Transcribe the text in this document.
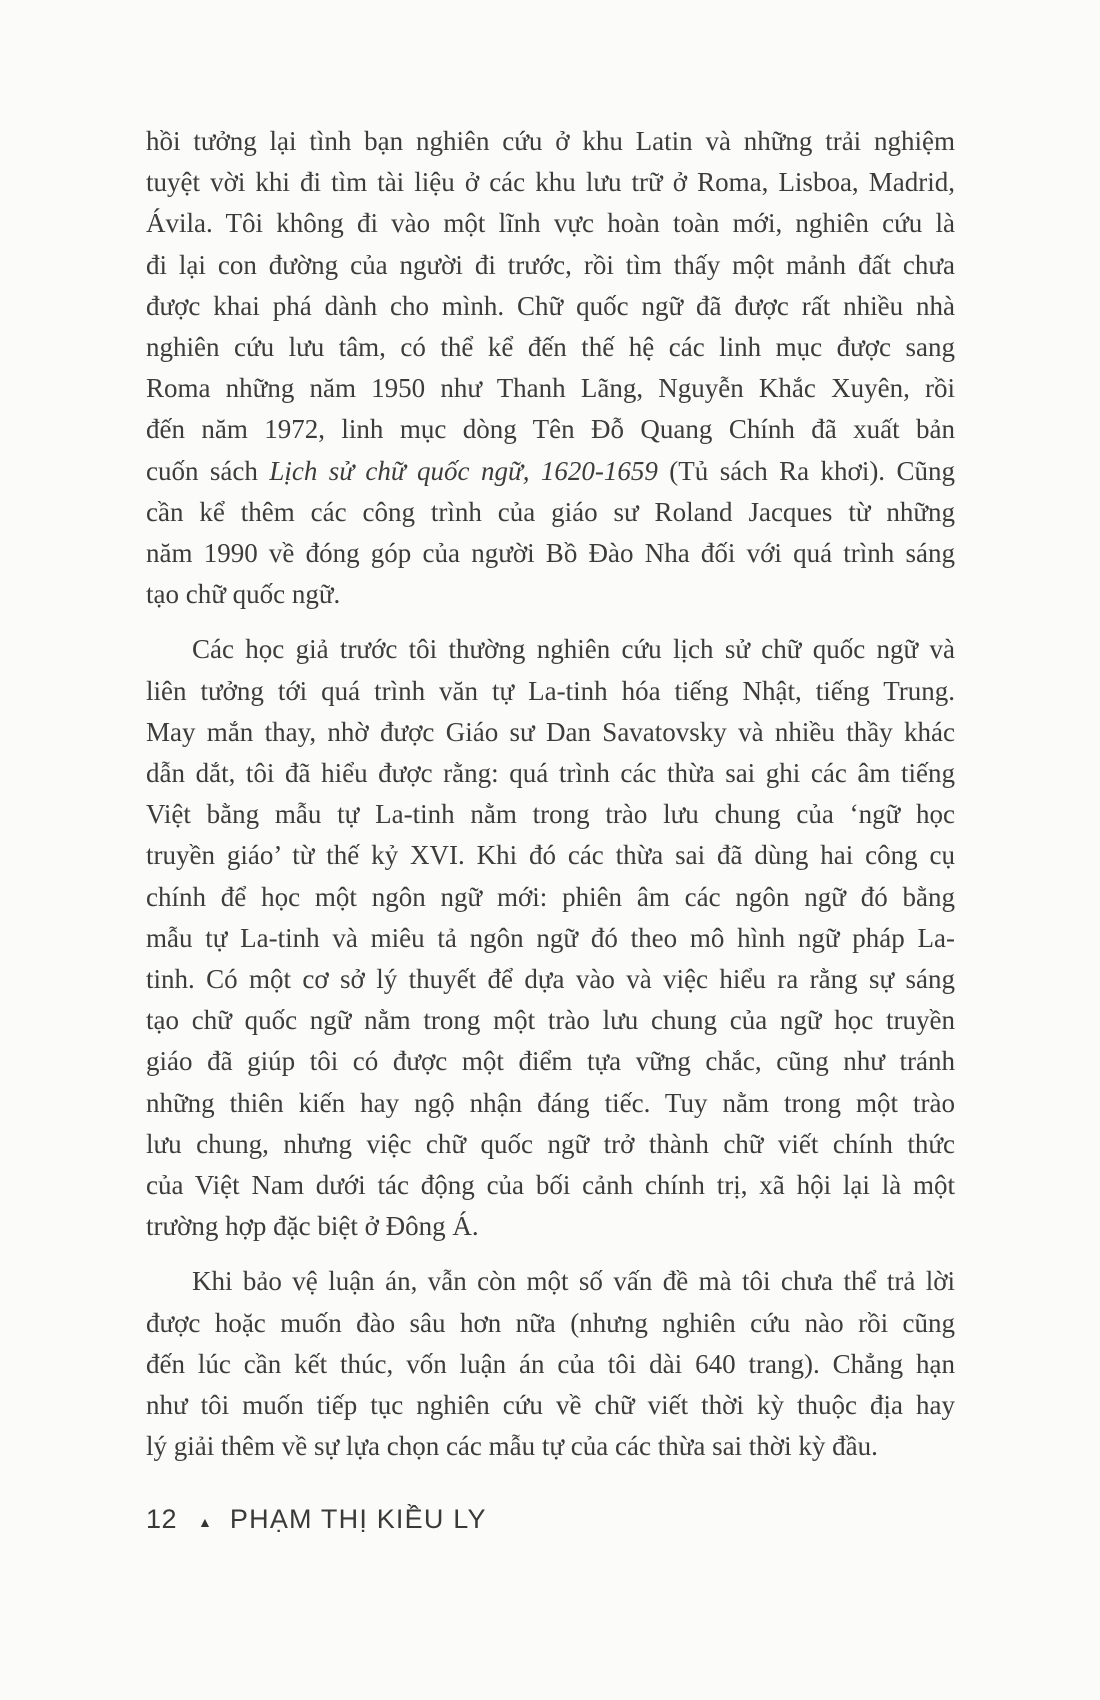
hồi tưởng lại tình bạn nghiên cứu ở khu Latin và những trải nghiệm
tuyệt vời khi đi tìm tài liệu ở các khu lưu trữ ở Roma, Lisboa, Madrid,
Ávila. Tôi không đi vào một lĩnh vực hoàn toàn mới, nghiên cứu là
đi lại con đường của người đi trước, rồi tìm thấy một mảnh đất chưa
được khai phá dành cho mình. Chữ quốc ngữ đã được rất nhiều nhà
nghiên cứu lưu tâm, có thể kể đến thế hệ các linh mục được sang
Roma những năm 1950 như Thanh Lãng, Nguyễn Khắc Xuyên, rồi
đến năm 1972, linh mục dòng Tên Đỗ Quang Chính đã xuất bản
cuốn sách Lịch sử chữ quốc ngữ, 1620-1659 (Tủ sách Ra khơi). Cũng
cần kể thêm các công trình của giáo sư Roland Jacques từ những
năm 1990 về đóng góp của người Bồ Đào Nha đối với quá trình sáng
tạo chữ quốc ngữ.
Các học giả trước tôi thường nghiên cứu lịch sử chữ quốc ngữ và
liên tưởng tới quá trình văn tự La-tinh hóa tiếng Nhật, tiếng Trung.
May mắn thay, nhờ được Giáo sư Dan Savatovsky và nhiều thầy khác
dẫn dắt, tôi đã hiểu được rằng: quá trình các thừa sai ghi các âm tiếng
Việt bằng mẫu tự La-tinh nằm trong trào lưu chung của ‘ngữ học
truyền giáo’ từ thế kỷ XVI. Khi đó các thừa sai đã dùng hai công cụ
chính để học một ngôn ngữ mới: phiên âm các ngôn ngữ đó bằng
mẫu tự La-tinh và miêu tả ngôn ngữ đó theo mô hình ngữ pháp La-
tinh. Có một cơ sở lý thuyết để dựa vào và việc hiểu ra rằng sự sáng
tạo chữ quốc ngữ nằm trong một trào lưu chung của ngữ học truyền
giáo đã giúp tôi có được một điểm tựa vững chắc, cũng như tránh
những thiên kiến hay ngộ nhận đáng tiếc. Tuy nằm trong một trào
lưu chung, nhưng việc chữ quốc ngữ trở thành chữ viết chính thức
của Việt Nam dưới tác động của bối cảnh chính trị, xã hội lại là một
trường hợp đặc biệt ở Đông Á.
Khi bảo vệ luận án, vẫn còn một số vấn đề mà tôi chưa thể trả lời
được hoặc muốn đào sâu hơn nữa (nhưng nghiên cứu nào rồi cũng
đến lúc cần kết thúc, vốn luận án của tôi dài 640 trang). Chẳng hạn
như tôi muốn tiếp tục nghiên cứu về chữ viết thời kỳ thuộc địa hay
lý giải thêm về sự lựa chọn các mẫu tự của các thừa sai thời kỳ đầu.
12 ▲ PHẠM THỊ KIỀU LY
